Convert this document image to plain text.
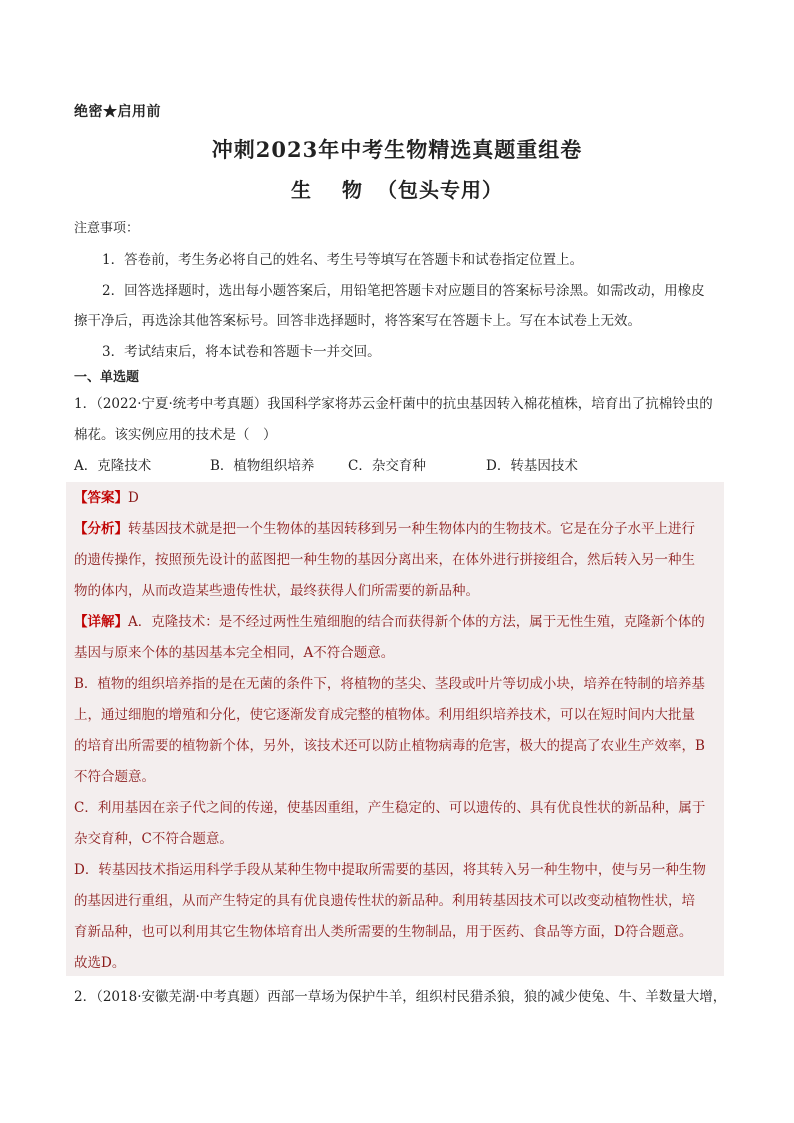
绝密★启用前
冲刺2023年中考生物精选真题重组卷
生 物 （包头专用）
注意事项：
1．答卷前，考生务必将自己的姓名、考生号等填写在答题卡和试卷指定位置上。
2．回答选择题时，选出每小题答案后，用铅笔把答题卡对应题目的答案标号涂黑。如需改动，用橡皮
擦干净后，再选涂其他答案标号。回答非选择题时，将答案写在答题卡上。写在本试卷上无效。
3．考试结束后，将本试卷和答题卡一并交回。
一、单选题
1．（2022·宁夏·统考中考真题）我国科学家将苏云金杆菌中的抗虫基因转入棉花植株，培育出了抗棉铃虫的
棉花。该实例应用的技术是（　）
A．克隆技术	B．植物组织培养 C．杂交育种	D．转基因技术
【答案】D
【分析】转基因技术就是把一个生物体的基因转移到另一种生物体内的生物技术。它是在分子水平上进行
的遗传操作，按照预先设计的蓝图把一种生物的基因分离出来，在体外进行拼接组合，然后转入另一种生
物的体内，从而改造某些遗传性状，最终获得人们所需要的新品种。
【详解】A．克隆技术：是不经过两性生殖细胞的结合而获得新个体的方法，属于无性生殖，克隆新个体的
基因与原来个体的基因基本完全相同，A不符合题意。
B．植物的组织培养指的是在无菌的条件下，将植物的茎尖、茎段或叶片等切成小块，培养在特制的培养基
上，通过细胞的增殖和分化，使它逐渐发育成完整的植物体。利用组织培养技术，可以在短时间内大批量
的培育出所需要的植物新个体，另外，该技术还可以防止植物病毒的危害，极大的提高了农业生产效率，B
不符合题意。
C．利用基因在亲子代之间的传递，使基因重组，产生稳定的、可以遗传的、具有优良性状的新品种，属于
杂交育种，C不符合题意。
D．转基因技术指运用科学手段从某种生物中提取所需要的基因，将其转入另一种生物中，使与另一种生物
的基因进行重组，从而产生特定的具有优良遗传性状的新品种。利用转基因技术可以改变动植物性状，培
育新品种，也可以利用其它生物体培育出人类所需要的生物制品，用于医药、食品等方面，D符合题意。
故选D。
2．（2018·安徽芜湖·中考真题）西部一草场为保护牛羊，组织村民猎杀狼，狼的减少使兔、牛、羊数量大增，
